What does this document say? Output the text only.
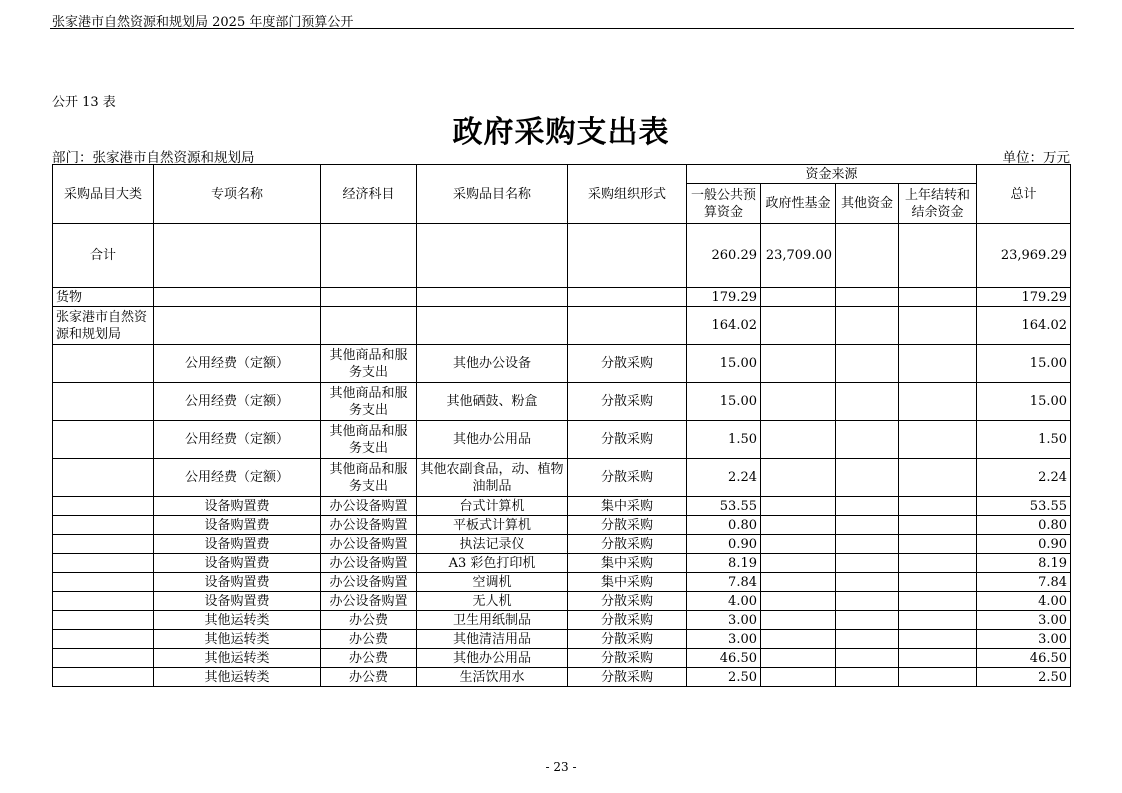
张家港市自然资源和规划局 2025 年度部门预算公开
公开 13 表
政府采购支出表
部门：张家港市自然资源和规划局	单位：万元
采购品目大类	专项名称	经济科目	采购品目名称	采购组织形式	资金来源				总计
					一般公共预算资金	政府性基金	其他资金	上年结转和结余资金	
合计					260.29	23,709.00			23,969.29
货物					179.29				179.29
张家港市自然资源和规划局					164.02				164.02
	公用经费（定额）	其他商品和服务支出	其他办公设备	分散采购	15.00				15.00
	公用经费（定额）	其他商品和服务支出	其他硒鼓、粉盒	分散采购	15.00				15.00
	公用经费（定额）	其他商品和服务支出	其他办公用品	分散采购	1.50				1.50
	公用经费（定额）	其他商品和服务支出	其他农副食品，动、植物油制品	分散采购	2.24				2.24
	设备购置费	办公设备购置	台式计算机	集中采购	53.55				53.55
	设备购置费	办公设备购置	平板式计算机	分散采购	0.80				0.80
	设备购置费	办公设备购置	执法记录仪	分散采购	0.90				0.90
	设备购置费	办公设备购置	A3 彩色打印机	集中采购	8.19				8.19
	设备购置费	办公设备购置	空调机	集中采购	7.84				7.84
	设备购置费	办公设备购置	无人机	分散采购	4.00				4.00
	其他运转类	办公费	卫生用纸制品	分散采购	3.00				3.00
	其他运转类	办公费	其他清洁用品	分散采购	3.00				3.00
	其他运转类	办公费	其他办公用品	分散采购	46.50				46.50
	其他运转类	办公费	生活饮用水	分散采购	2.50				2.50
- 23 -
